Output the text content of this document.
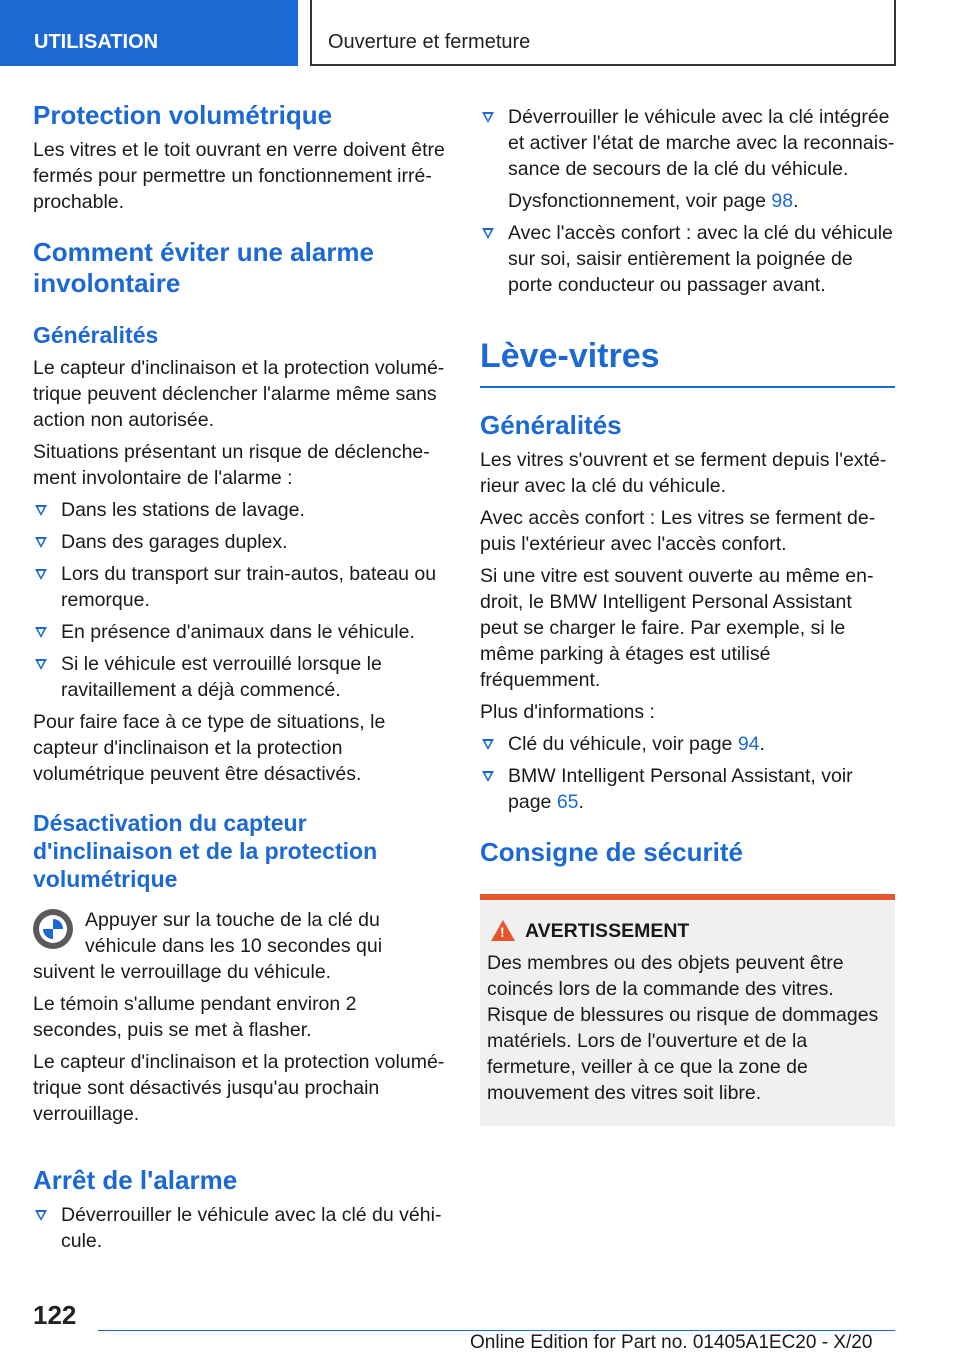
UTILISATION	Ouverture et fermeture
Protection volumétrique

Les vitres et le toit ouvrant en verre doivent être fermés pour permettre un fonctionnement irréprochable.

Comment éviter une alarme involontaire
Généralités

Le capteur d'inclinaison et la protection volumétrique peuvent déclencher l'alarme même sans action non autorisée.

Situations présentant un risque de déclenchement involontaire de l'alarme :

Dans les stations de lavage.
Dans des garages duplex.
Lors du transport sur train-autos, bateau ou remorque.
En présence d'animaux dans le véhicule.
Si le véhicule est verrouillé lorsque le ravitaillement a déjà commencé.

Pour faire face à ce type de situations, le capteur d'inclinaison et la protection volumétrique peuvent être désactivés.

Désactivation du capteur d'inclinaison et de la protection volumétrique

Appuyer sur la touche de la clé du véhicule dans les 10 secondes qui suivent le verrouillage du véhicule.

Le témoin s'allume pendant environ 2 secondes, puis se met à flasher.

Le capteur d'inclinaison et la protection volumétrique sont désactivés jusqu'au prochain verrouillage.

Arrêt de l'alarme
Déverrouiller le véhicule avec la clé du véhicule.
Déverrouiller le véhicule avec la clé intégrée et activer l'état de marche avec la reconnaissance de secours de la clé du véhicule.
Dysfonctionnement, voir page 98.
Avec l'accès confort : avec la clé du véhicule sur soi, saisir entièrement la poignée de porte conducteur ou passager avant.
Lève-vitres
Généralités

Les vitres s'ouvrent et se ferment depuis l'extérieur avec la clé du véhicule.

Avec accès confort : Les vitres se ferment depuis l'extérieur avec l'accès confort.

Si une vitre est souvent ouverte au même endroit, le BMW Intelligent Personal Assistant peut se charger le faire. Par exemple, si le même parking à étages est utilisé fréquemment.

Plus d'informations :

Clé du véhicule, voir page 94.
BMW Intelligent Personal Assistant, voir page 65.
Consigne de sécurité
!
AVERTISSEMENT

Des membres ou des objets peuvent être coincés lors de la commande des vitres. Risque de blessures ou risque de dommages matériels. Lors de l'ouverture et de la fermeture, veiller à ce que la zone de mouvement des vitres soit libre.

122
Online Edition for Part no. 01405A1EC20 - X/20
